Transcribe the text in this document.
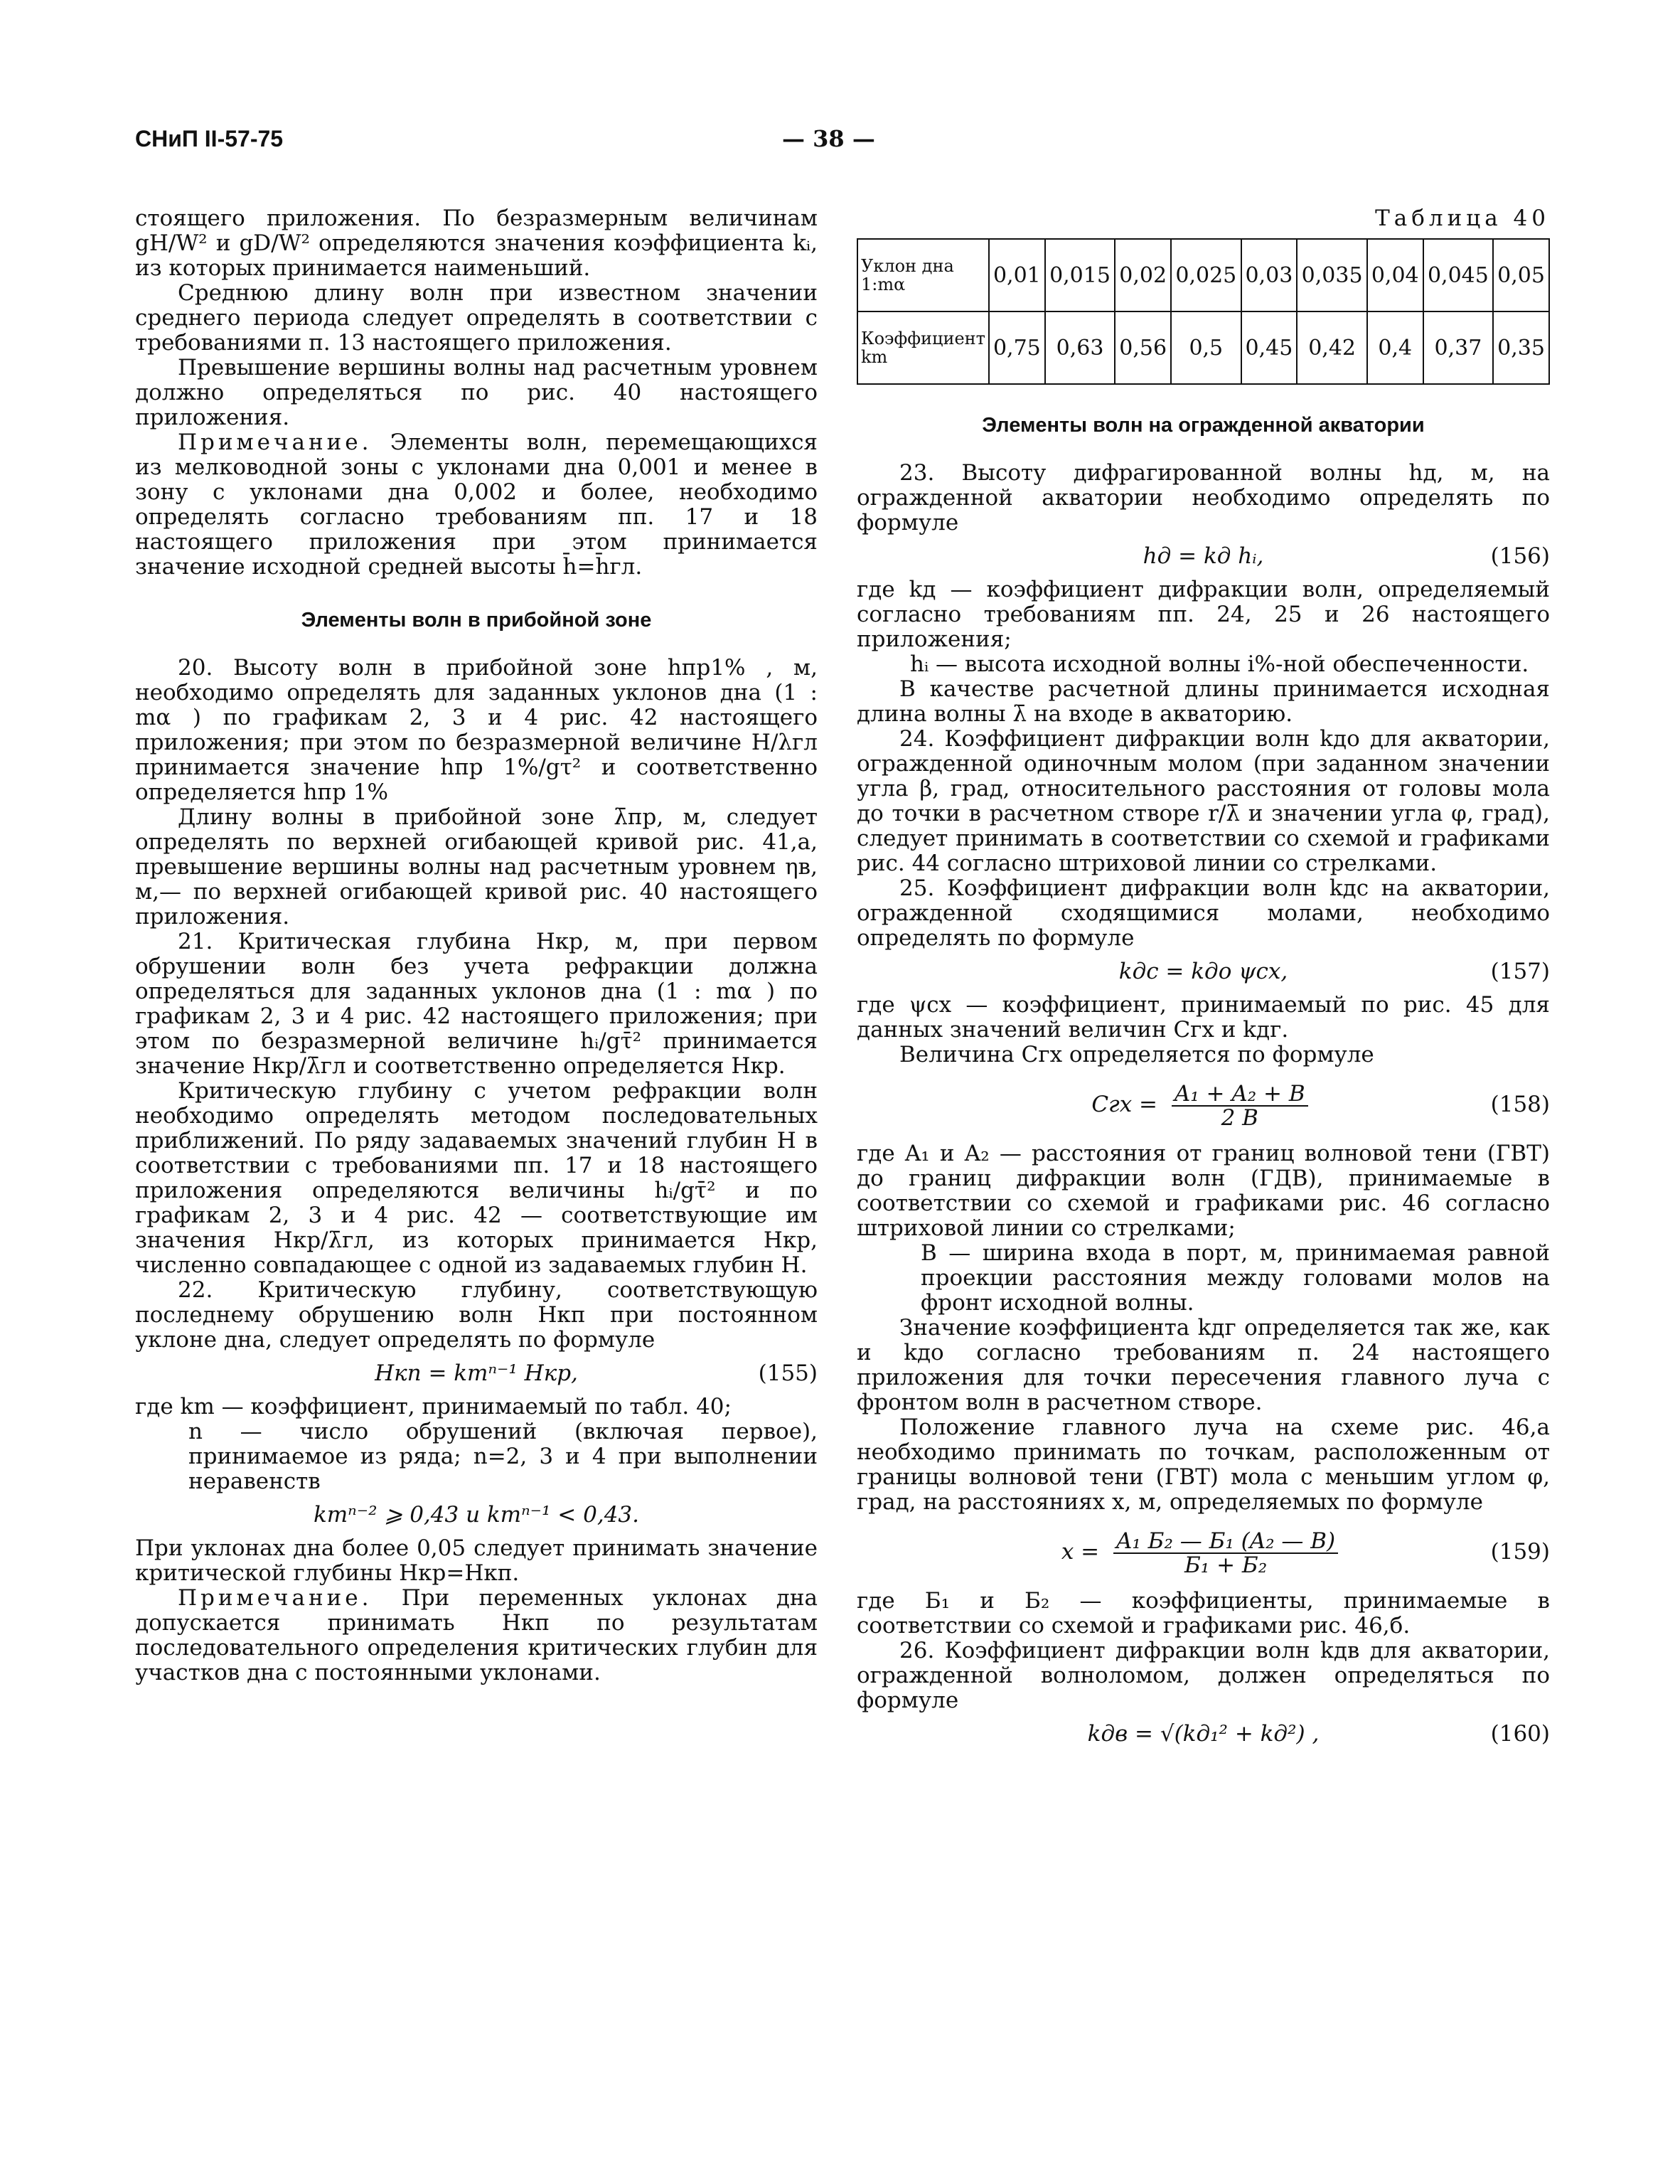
СНиП II-57-75	— 38 —

стоящего приложения. По безразмерным величинам gH/W² и gD/W² определяются значения коэффициента kᵢ, из которых принимается наименьший.

Среднюю длину волн при известном значении среднего периода следует определять в соответствии с требованиями п. 13 настоящего приложения.

Превышение вершины волны над расчетным уровнем должно определяться по рис. 40 настоящего приложения.

Примечание. Элементы волн, перемещающихся из мелководной зоны с уклонами дна 0,001 и менее в зону с уклонами дна 0,002 и более, необходимо определять согласно требованиям пп. 17 и 18 настоящего приложения при этом принимается значение исходной средней высоты h̄=h̄гл.

Элементы волн в прибойной зоне

20. Высоту волн в прибойной зоне hпр1% , м, необходимо определять для заданных уклонов дна (1 : mα ) по графикам 2, 3 и 4 рис. 42 настоящего приложения; при этом по безразмерной величине H/λгл принимается значение hпр 1%/gτ² и соответственно определяется hпр 1%

Длину волны в прибойной зоне λ̄пр, м, следует определять по верхней огибающей кривой рис. 41,а, превышение вершины волны над расчетным уровнем ηв, м,— по верхней огибающей кривой рис. 40 настоящего приложения.

21. Критическая глубина Hкр, м, при первом обрушении волн без учета рефракции должна определяться для заданных уклонов дна (1 : mα ) по графикам 2, 3 и 4 рис. 42 настоящего приложения; при этом по безразмерной величине hᵢ/gτ̄² принимается значение Hкр/λ̄гл и соответственно определяется Hкр.

Критическую глубину с учетом рефракции волн необходимо определять методом последовательных приближений. По ряду задаваемых значений глубин H в соответствии с требованиями пп. 17 и 18 настоящего приложения определяются величины hᵢ/gτ̄² и по графикам 2, 3 и 4 рис. 42 — соответствующие им значения Hкр/λ̄гл, из которых принимается Hкр, численно совпадающее с одной из задаваемых глубин H.

22. Критическую глубину, соответствующую последнему обрушению волн Hкп при постоянном уклоне дна, следует определять по формуле

Hкп = kmⁿ⁻¹ Hкр,	(155)

где km — коэффициент, принимаемый по табл. 40;

n — число обрушений (включая первое), принимаемое из ряда; n=2, 3 и 4 при выполнении неравенств

kmⁿ⁻² ⩾ 0,43 и kmⁿ⁻¹ < 0,43.

При уклонах дна более 0,05 следует принимать значение критической глубины Hкр=Hкп.

Примечание. При переменных уклонах дна допускается принимать Hкп по результатам последовательного определения критических глубин для участков дна с постоянными уклонами.

Таблица 40

Уклон дна 1:mα	0,01	0,015	0,02	0,025	0,03	0,035	0,04	0,045	0,05
Коэффициент km	0,75	0,63	0,56	0,5	0,45	0,42	0,4	0,37	0,35

Элементы волн на огражденной акватории

23. Высоту дифрагированной волны hд, м, на огражденной акватории необходимо определять по формуле

hд = kд hᵢ,	(156)

где kд — коэффициент дифракции волн, определяемый согласно требованиям пп. 24, 25 и 26 настоящего приложения;

hᵢ — высота исходной волны i%-ной обеспеченности.

В качестве расчетной длины принимается исходная длина волны λ̄ на входе в акваторию.

24. Коэффициент дифракции волн kдо для акватории, огражденной одиночным молом (при заданном значении угла β, град, относительного расстояния от головы мола до точки в расчетном створе r/λ̄ и значении угла φ, град), следует принимать в соответствии со схемой и графиками рис. 44 согласно штриховой линии со стрелками.

25. Коэффициент дифракции волн kдс на акватории, огражденной сходящимися молами, необходимо определять по формуле

kдс = kдо ψсх,	(157)

где ψсх — коэффициент, принимаемый по рис. 45 для данных значений величин Cгх и kдг.

Величина Cгх определяется по формуле

Cгх = $\frac{\text{A₁ + A₂ + B}}{2 B}$	(158)

где A₁ и A₂ — расстояния от границ волновой тени (ГВТ) до границ дифракции волн (ГДВ), принимаемые в соответствии со схемой и графиками рис. 46 согласно штриховой линии со стрелками;

B — ширина входа в порт, м, принимаемая равной проекции расстояния между головами молов на фронт исходной волны.

Значение коэффициента kдг определяется так же, как и kдо согласно требованиям п. 24 настоящего приложения для точки пересечения главного луча с фронтом волн в расчетном створе.

Положение главного луча на схеме рис. 46,а необходимо принимать по точкам, расположенным от границы волновой тени (ГВТ) мола с меньшим углом φ, град, на расстояниях x, м, определяемых по формуле

$x = \frac{\text{A₁ Б₂ — Б₁ (A₂ — B)}}{\text{Б₁ + Б₂}}$	(159)

где Б₁ и Б₂ — коэффициенты, принимаемые в соответствии со схемой и графиками рис. 46,б.

26. Коэффициент дифракции волн kдв для акватории, огражденной волноломом, должен определяться по формуле

kдв = √(kд₁² + kд²) ,	(160)
